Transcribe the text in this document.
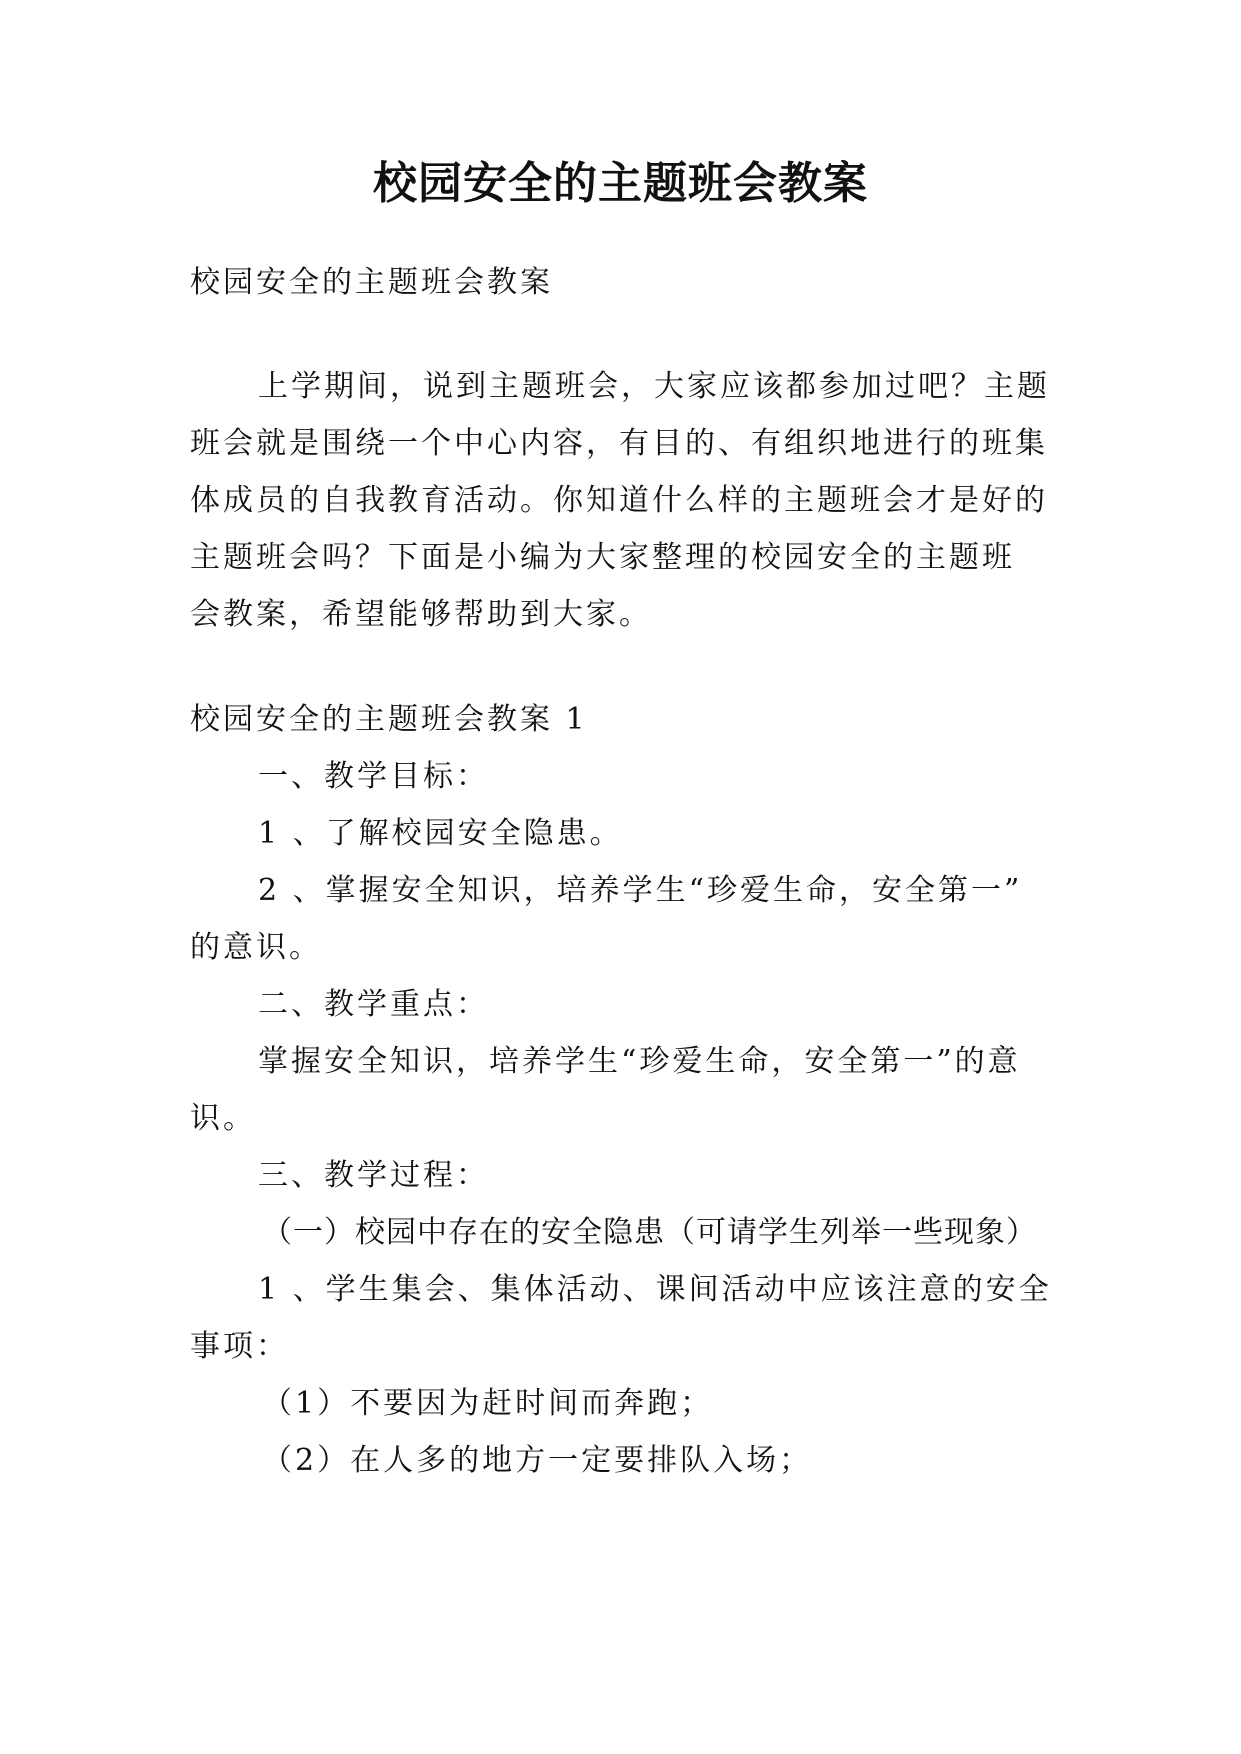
校园安全的主题班会教案
校园安全的主题班会教案
上学期间，说到主题班会，大家应该都参加过吧？主题
班会就是围绕一个中心内容，有目的、有组织地进行的班集
体成员的自我教育活动。你知道什么样的主题班会才是好的
主题班会吗？下面是小编为大家整理的校园安全的主题班
会教案，希望能够帮助到大家。
校园安全的主题班会教案 1
一、教学目标：
1 、了解校园安全隐患。
2 、掌握安全知识，培养学生“珍爱生命，安全第一”
的意识。
二、教学重点：
掌握安全知识，培养学生“珍爱生命，安全第一”的意
识。
三、教学过程：
（一）校园中存在的安全隐患（可请学生列举一些现象）
1 、学生集会、集体活动、课间活动中应该注意的安全
事项：
（1）不要因为赶时间而奔跑；
（2）在人多的地方一定要排队入场；
